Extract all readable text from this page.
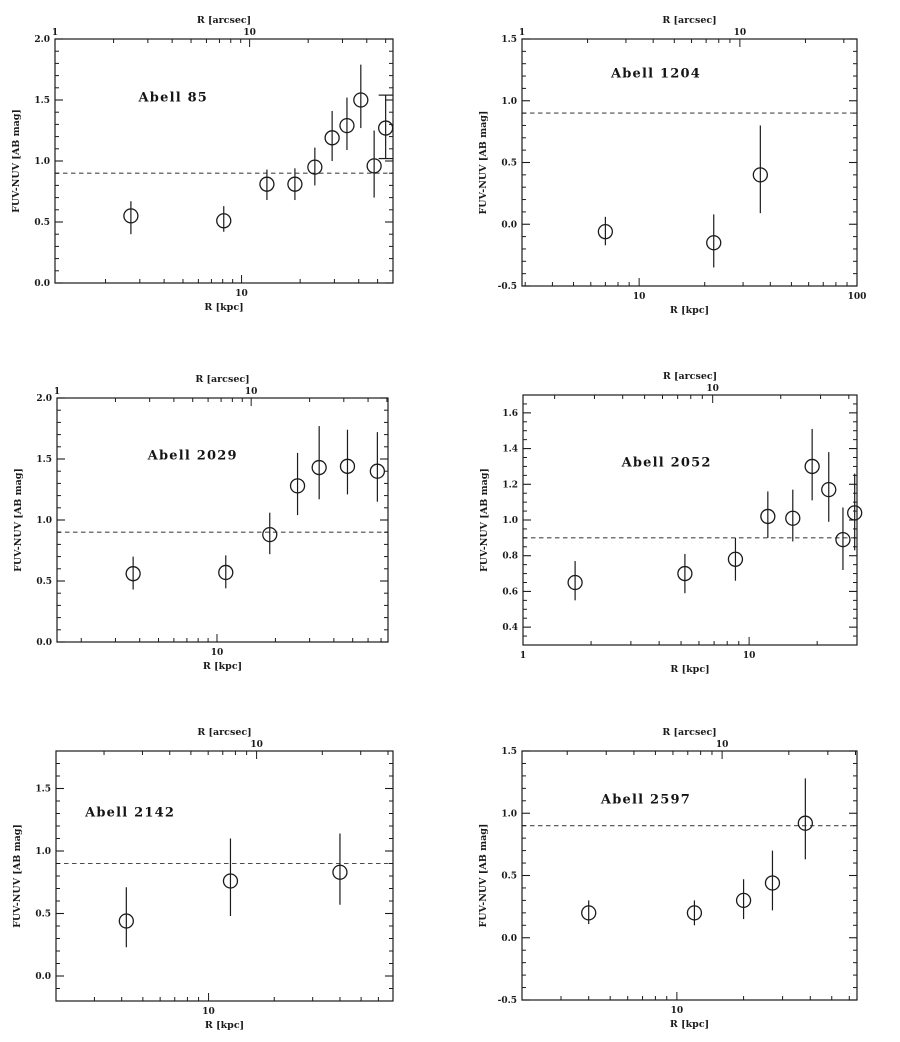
10
1	10
0.0
0.5
1.0
1.5
2.0
R [kpc]
R [arcsec]
FUV-NUV [AB mag]
Abell 85
10	100
1	10
-0.5
0.0
0.5
1.0
1.5
R [kpc]
R [arcsec]
FUV-NUV [AB mag]
Abell 1204
10
1	10
0.0
0.5
1.0
1.5
2.0
R [kpc]
R [arcsec]
FUV-NUV [AB mag]
Abell 2029
1	10
10
0.4
0.6
0.8
1.0
1.2
1.4
1.6
R [kpc]
R [arcsec]
FUV-NUV [AB mag]
Abell 2052
10
10
0.0
0.5
1.0
1.5
R [kpc]
R [arcsec]
FUV-NUV [AB mag]
Abell 2142
10
10
-0.5
0.0
0.5
1.0
1.5
R [kpc]
R [arcsec]
FUV-NUV [AB mag]
Abell 2597
